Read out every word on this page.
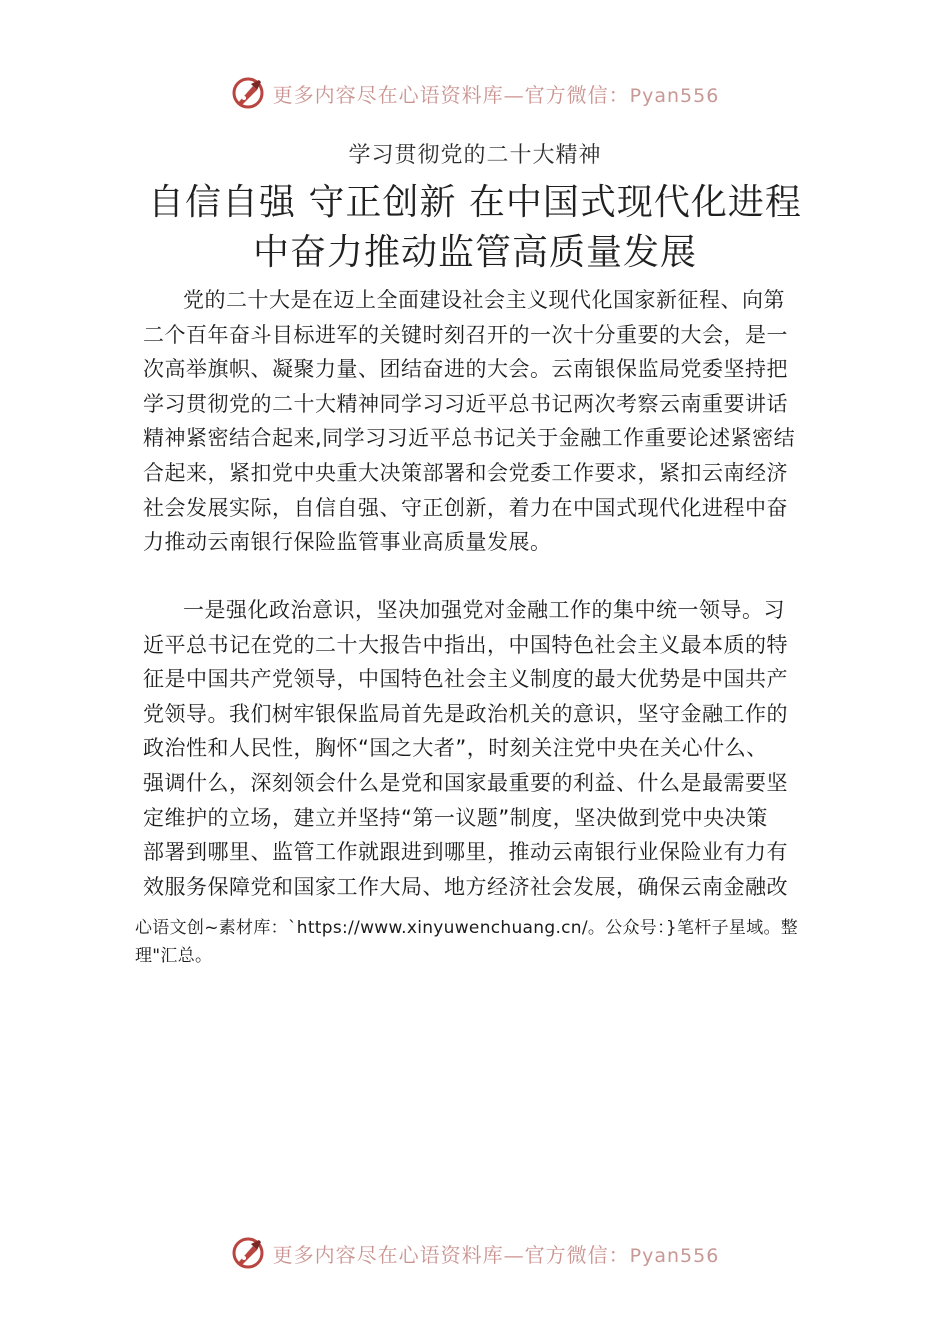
更多内容尽在心语资料库—官方微信：Pyan556
学习贯彻党的二十大精神
自信自强 守正创新 在中国式现代化进程
中奋力推动监管高质量发展
党的二十大是在迈上全面建设社会主义现代化国家新征程、向第
二个百年奋斗目标进军的关键时刻召开的一次十分重要的大会，是一
次高举旗帜、凝聚力量、团结奋进的大会。云南银保监局党委坚持把
学习贯彻党的二十大精神同学习习近平总书记两次考察云南重要讲话
精神紧密结合起来,同学习习近平总书记关于金融工作重要论述紧密结
合起来，紧扣党中央重大决策部署和会党委工作要求，紧扣云南经济
社会发展实际，自信自强、守正创新，着力在中国式现代化进程中奋
力推动云南银行保险监管事业高质量发展。
一是强化政治意识，坚决加强党对金融工作的集中统一领导。习
近平总书记在党的二十大报告中指出，中国特色社会主义最本质的特
征是中国共产党领导，中国特色社会主义制度的最大优势是中国共产
党领导。我们树牢银保监局首先是政治机关的意识，坚守金融工作的
政治性和人民性，胸怀“国之大者”，时刻关注党中央在关心什么、
强调什么，深刻领会什么是党和国家最重要的利益、什么是最需要坚
定维护的立场，建立并坚持“第一议题”制度，坚决做到党中央决策
部署到哪里、监管工作就跟进到哪里，推动云南银行业保险业有力有
效服务保障党和国家工作大局、地方经济社会发展，确保云南金融改
心语文创~素材库：`https://www.xinyuwenchuang.cn/。公众号：}笔杆子星域。整
理"汇总。
更多内容尽在心语资料库—官方微信：Pyan556
